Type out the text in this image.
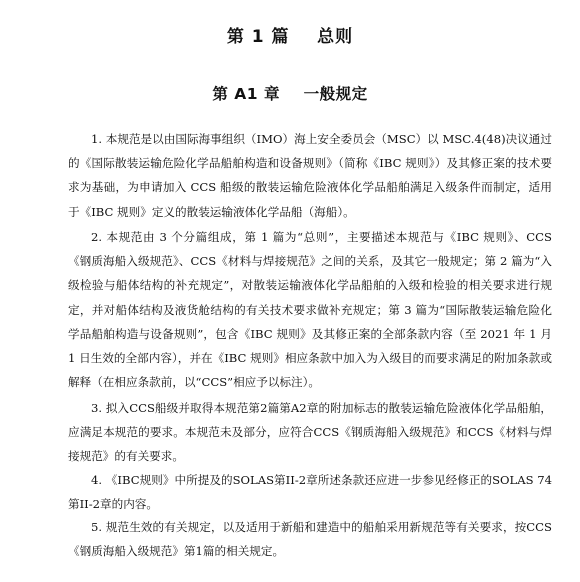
第 1 篇    总则
第 A1 章    一般规定

1. 本规范是以由国际海事组织（IMO）海上安全委员会（MSC）以 MSC.4(48)决议通过的《国际散装运输危险化学品船舶构造和设备规则》（简称《IBC 规则》）及其修正案的技术要求为基础，为申请加入 CCS 船级的散装运输危险液体化学品船舶满足入级条件而制定，适用于《IBC 规则》定义的散装运输液体化学品船（海船）。

2. 本规范由 3 个分篇组成，第 1 篇为“总则”，主要描述本规范与《IBC 规则》、CCS《钢质海船入级规范》、CCS《材料与焊接规范》之间的关系，及其它一般规定；第 2 篇为“入级检验与船体结构的补充规定”，对散装运输液体化学品船舶的入级和检验的相关要求进行规定，并对船体结构及液货舱结构的有关技术要求做补充规定；第 3 篇为“国际散装运输危险化学品船舶构造与设备规则”，包含《IBC 规则》及其修正案的全部条款内容（至 2021 年 1 月 1 日生效的全部内容），并在《IBC 规则》相应条款中加入为入级目的而要求满足的附加条款或解释（在相应条款前，以“CCS”相应予以标注）。

3. 拟入CCS船级并取得本规范第2篇第A2章的附加标志的散装运输危险液体化学品船舶，应满足本规范的要求。本规范未及部分，应符合CCS《钢质海船入级规范》和CCS《材料与焊接规范》的有关要求。

4. 《IBC规则》中所提及的SOLAS第II-2章所述条款还应进一步参见经修正的SOLAS 74 第II-2章的内容。

5. 规范生效的有关规定，以及适用于新船和建造中的船舶采用新规范等有关要求，按CCS《钢质海船入级规范》第1篇的相关规定。
